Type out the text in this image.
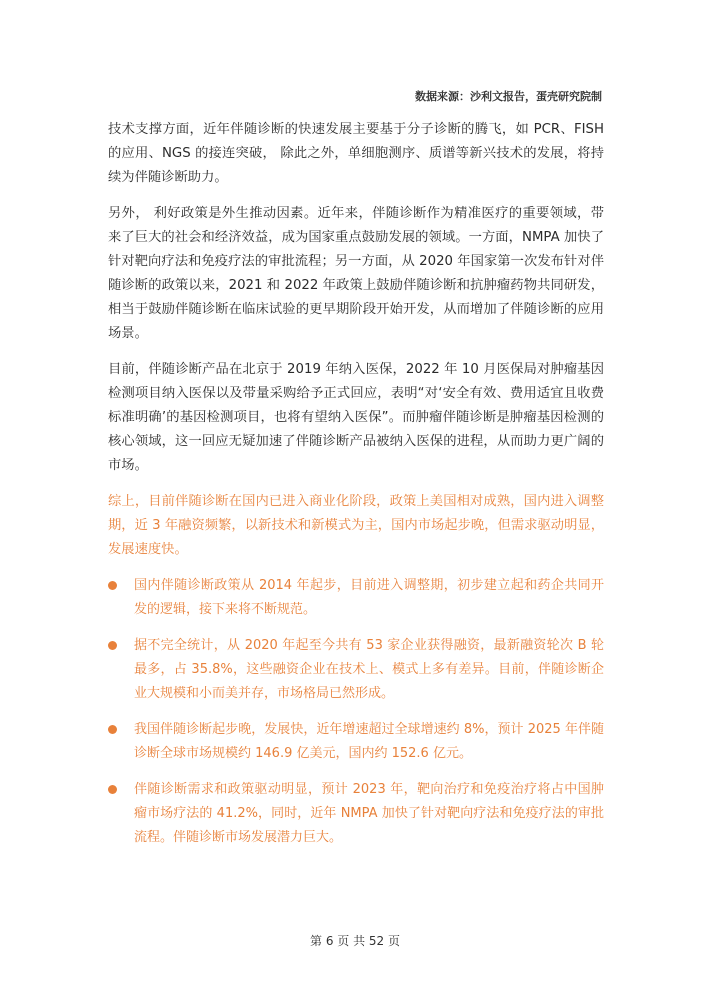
数据来源：沙利文报告，蛋壳研究院制

技术支撑方面，近年伴随诊断的快速发展主要基于分子诊断的腾飞，如 PCR、FISH 的应用、NGS 的接连突破， 除此之外，单细胞测序、质谱等新兴技术的发展，将持续为伴随诊断助力。

另外， 利好政策是外生推动因素。近年来，伴随诊断作为精准医疗的重要领域，带来了巨大的社会和经济效益，成为国家重点鼓励发展的领域。一方面，NMPA 加快了针对靶向疗法和免疫疗法的审批流程；另一方面，从 2020 年国家第一次发布针对伴随诊断的政策以来，2021 和 2022 年政策上鼓励伴随诊断和抗肿瘤药物共同研发，相当于鼓励伴随诊断在临床试验的更早期阶段开始开发，从而增加了伴随诊断的应用场景。

目前，伴随诊断产品在北京于 2019 年纳入医保，2022 年 10 月医保局对肿瘤基因检测项目纳入医保以及带量采购给予正式回应，表明“对‘安全有效、费用适宜且收费标准明确’的基因检测项目，也将有望纳入医保”。而肿瘤伴随诊断是肿瘤基因检测的核心领域，这一回应无疑加速了伴随诊断产品被纳入医保的进程，从而助力更广阔的市场。

综上，目前伴随诊断在国内已进入商业化阶段，政策上美国相对成熟，国内进入调整期，近 3 年融资频繁，以新技术和新模式为主，国内市场起步晚，但需求驱动明显，发展速度快。

国内伴随诊断政策从 2014 年起步，目前进入调整期，初步建立起和药企共同开发的逻辑，接下来将不断规范。
据不完全统计，从 2020 年起至今共有 53 家企业获得融资，最新融资轮次 B 轮最多，占 35.8%，这些融资企业在技术上、模式上多有差异。目前，伴随诊断企业大规模和小而美并存，市场格局已然形成。
我国伴随诊断起步晚，发展快，近年增速超过全球增速约 8%，预计 2025 年伴随诊断全球市场规模约 146.9 亿美元，国内约 152.6 亿元。
伴随诊断需求和政策驱动明显，预计 2023 年，靶向治疗和免疫治疗将占中国肿瘤市场疗法的 41.2%，同时，近年 NMPA 加快了针对靶向疗法和免疫疗法的审批流程。伴随诊断市场发展潜力巨大。
第 6 页 共 52 页
